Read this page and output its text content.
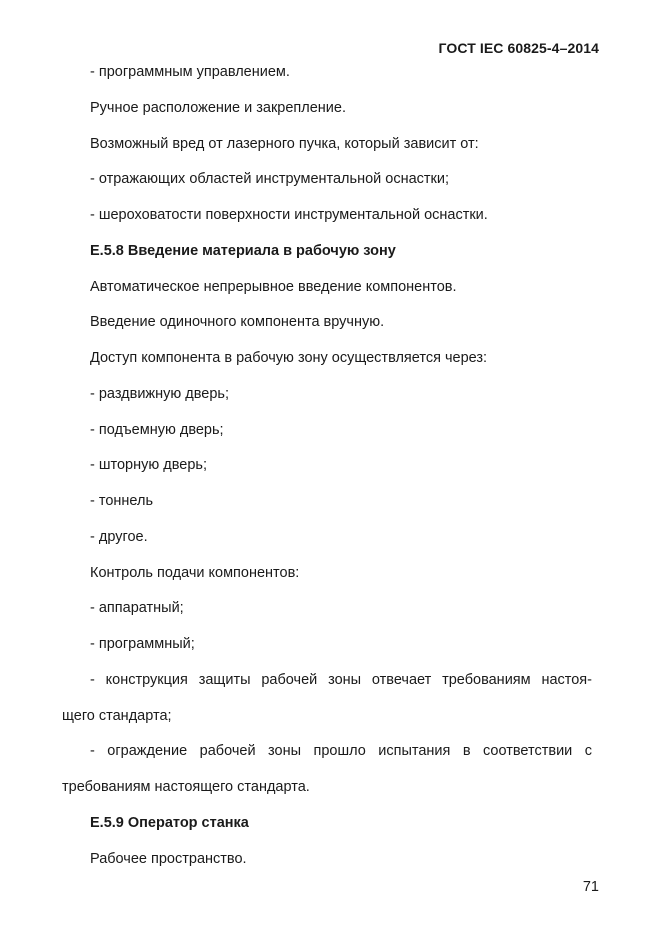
ГОСТ IEC 60825-4–2014
- программным управлением.
Ручное расположение и закрепление.
Возможный вред от лазерного пучка, который зависит от:
- отражающих областей инструментальной оснастки;
- шероховатости поверхности инструментальной оснастки.
Е.5.8 Введение материала в рабочую зону
Автоматическое непрерывное введение компонентов.
Введение одиночного компонента вручную.
Доступ компонента в рабочую зону осуществляется через:
- раздвижную дверь;
- подъемную дверь;
- шторную дверь;
- тоннель
- другое.
Контроль подачи компонентов:
- аппаратный;
- программный;
- конструкция защиты рабочей зоны отвечает требованиям настоя-
щего стандарта;
- ограждение рабочей зоны прошло испытания в соответствии с
требованиям настоящего стандарта.
Е.5.9 Оператор станка
Рабочее пространство.
71
